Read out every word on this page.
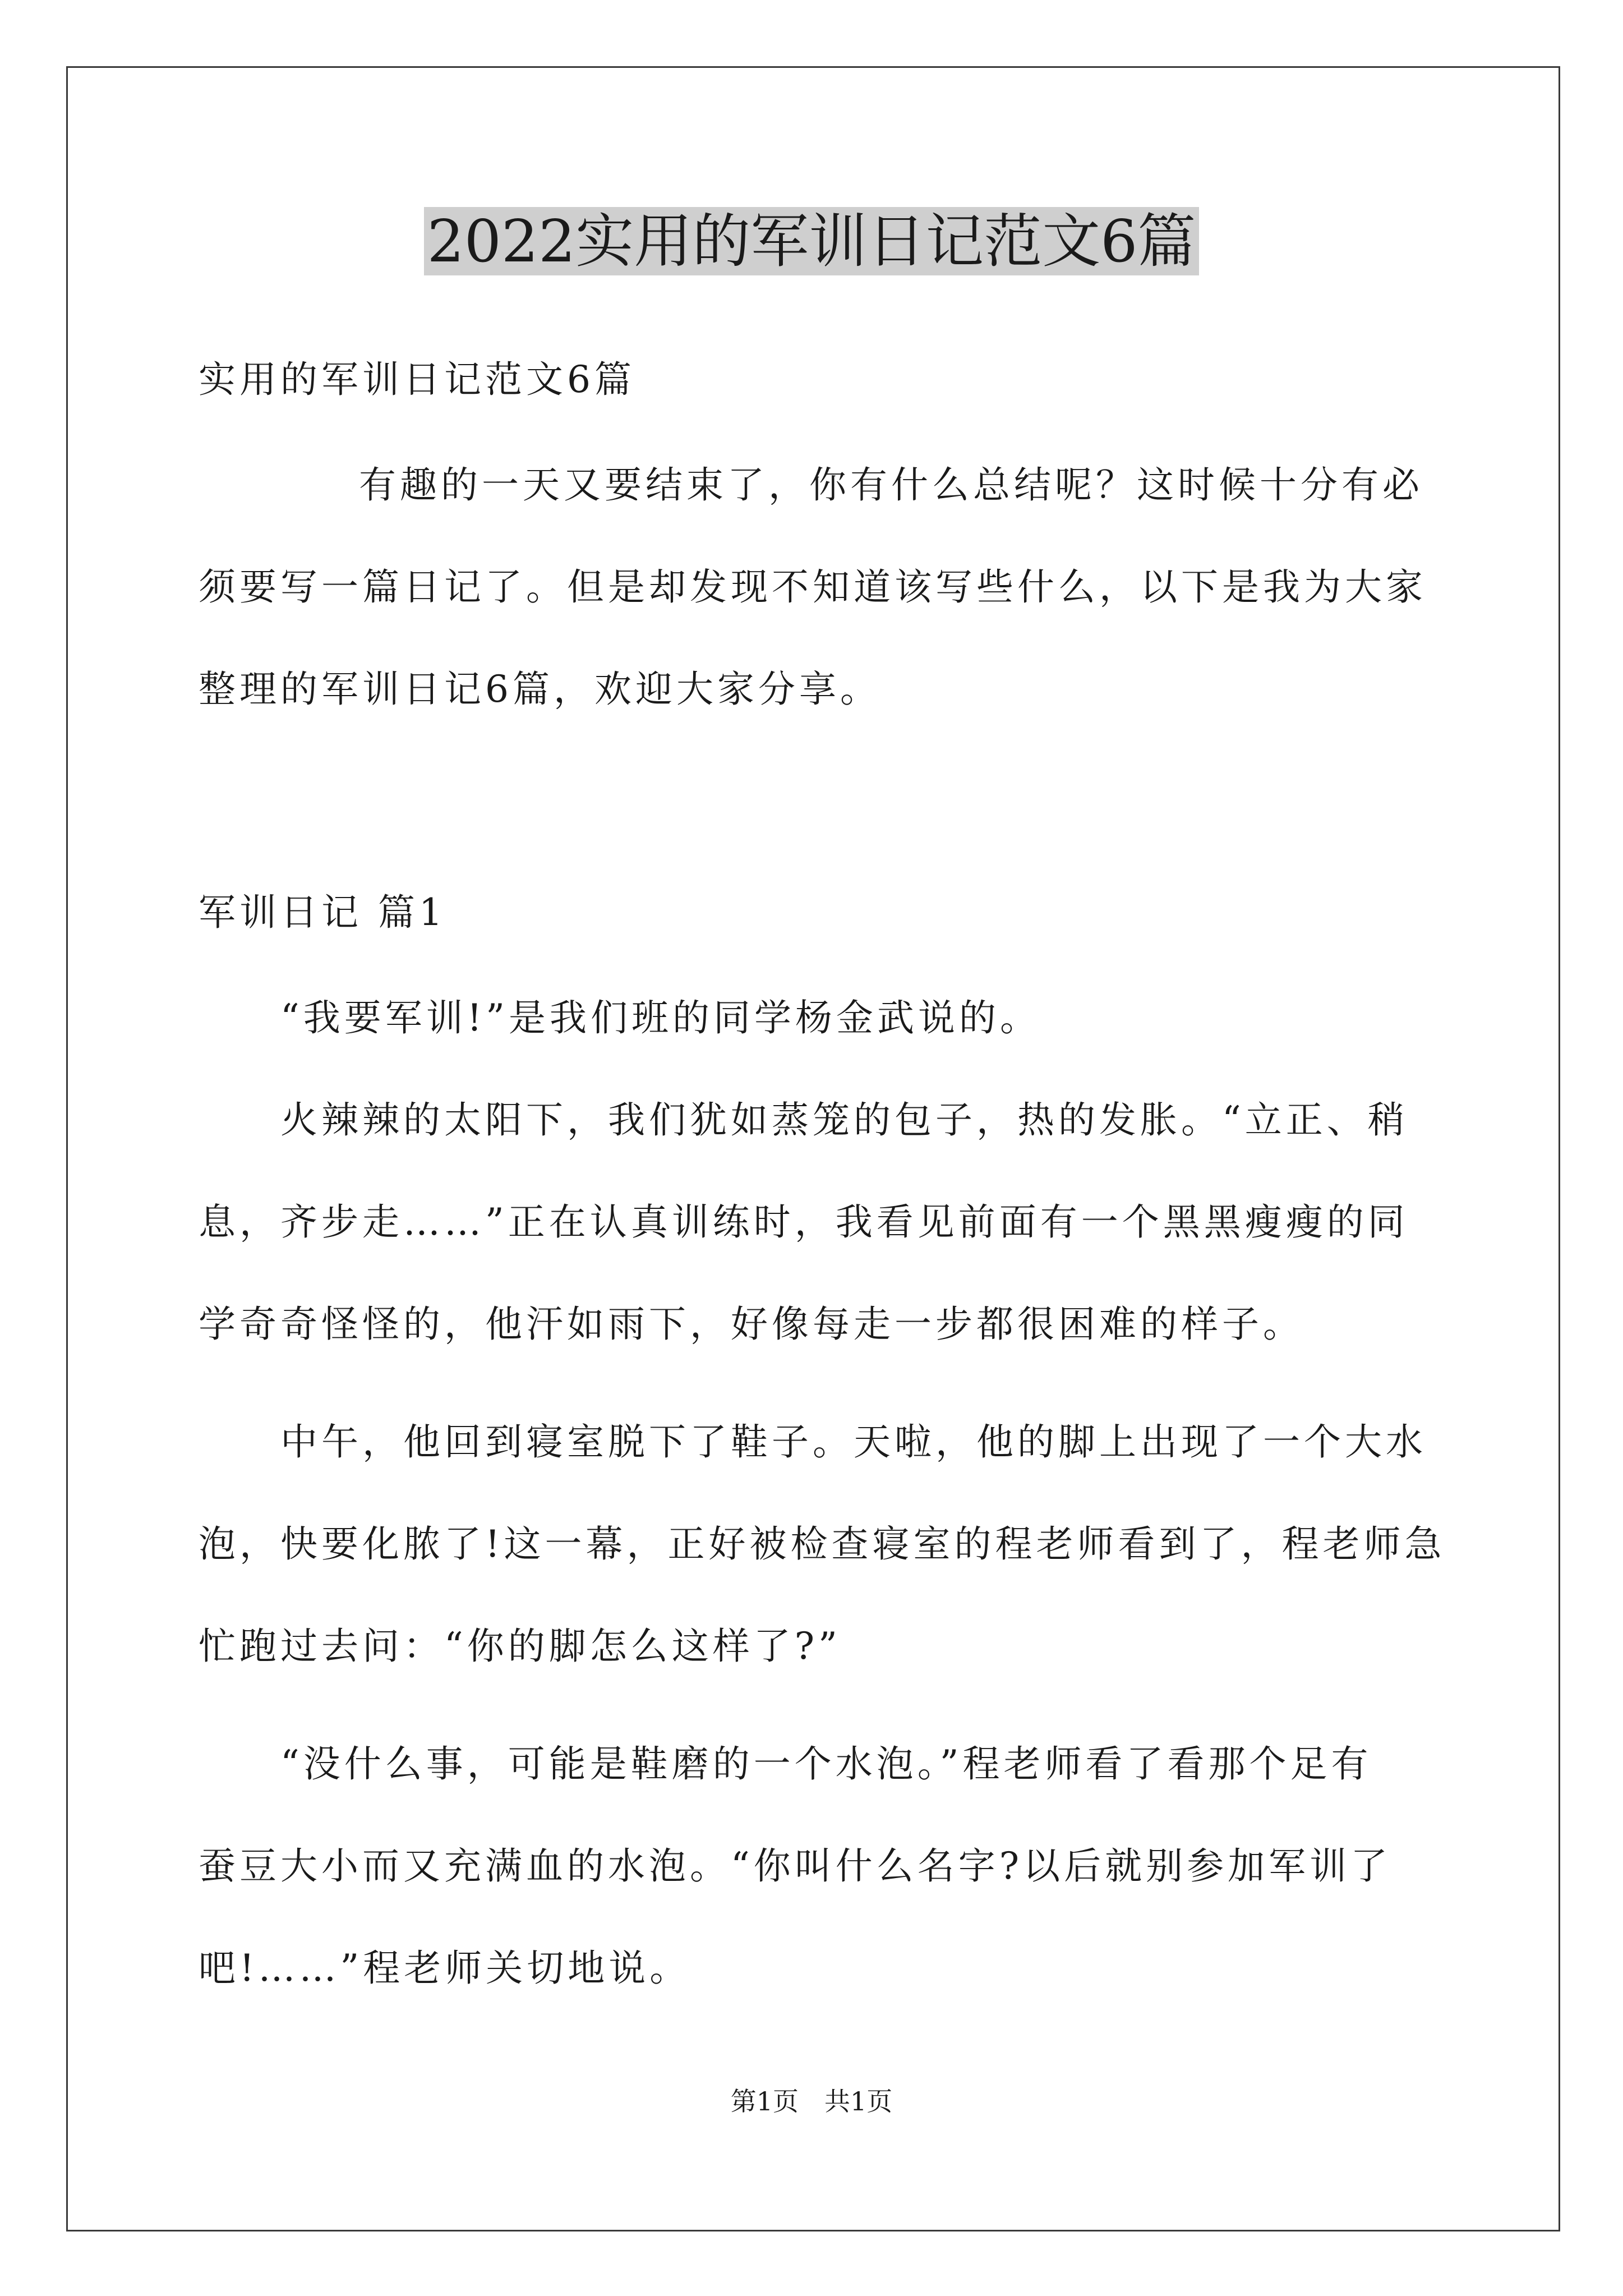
2022实用的军训日记范文6篇
实用的军训日记范文6篇
有趣的一天又要结束了，你有什么总结呢？这时候十分有必
须要写一篇日记了。但是却发现不知道该写些什么，以下是我为大家
整理的军训日记6篇，欢迎大家分享。
军训日记 篇1
“我要军训!”是我们班的同学杨金武说的。
火辣辣的太阳下，我们犹如蒸笼的包子，热的发胀。“立正、稍
息，齐步走……”正在认真训练时，我看见前面有一个黑黑瘦瘦的同
学奇奇怪怪的，他汗如雨下，好像每走一步都很困难的样子。
中午，他回到寝室脱下了鞋子。天啦，他的脚上出现了一个大水
泡，快要化脓了!这一幕，正好被检查寝室的程老师看到了，程老师急
忙跑过去问：“你的脚怎么这样了?”
“没什么事，可能是鞋磨的一个水泡。”程老师看了看那个足有
蚕豆大小而又充满血的水泡。“你叫什么名字?以后就别参加军训了
吧!……”程老师关切地说。
第1页　共1页
